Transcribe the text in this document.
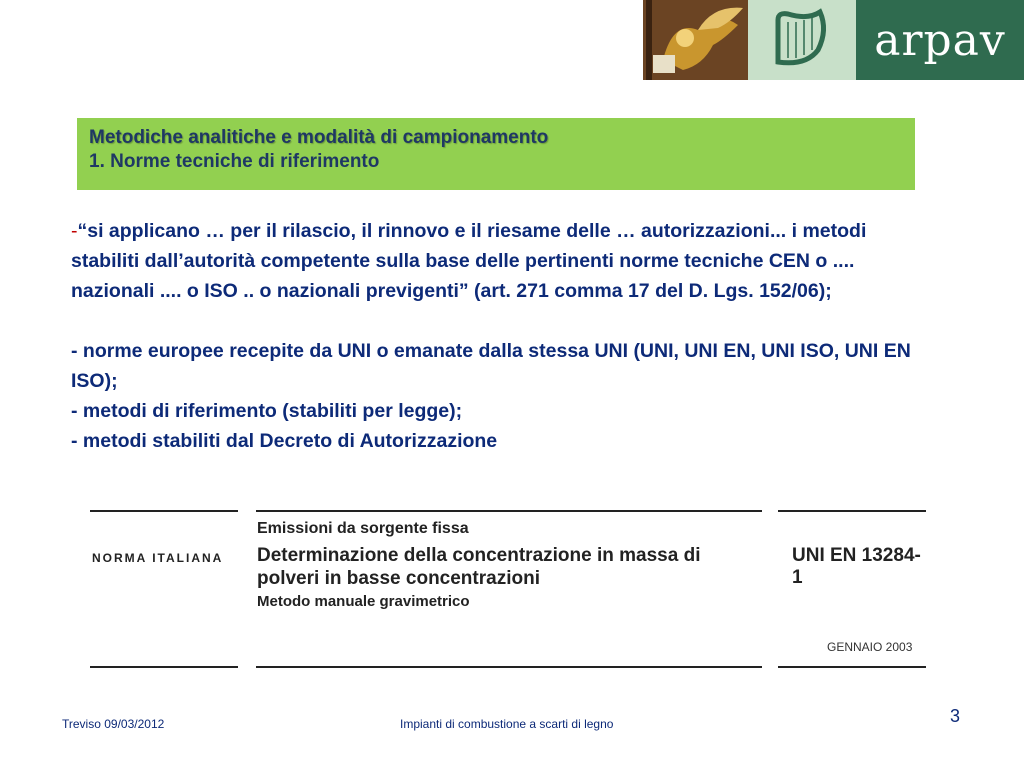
arpav
Metodiche analitiche e modalità di campionamento
1. Norme tecniche di riferimento

-“si applicano … per il rilascio, il rinnovo e il riesame delle … autorizzazioni... i metodi stabiliti dall’autorità competente sulla base delle pertinenti norme tecniche CEN o .... nazionali .... o ISO .. o nazionali previgenti” (art. 271 comma 17 del D. Lgs. 152/06);

- norme europee recepite da UNI o emanate dalla stessa UNI (UNI, UNI EN, UNI ISO, UNI EN ISO);

- metodi di riferimento (stabiliti per legge);

- metodi stabiliti dal Decreto di Autorizzazione

NORMA ITALIANA
Emissioni da sorgente fissa
Determinazione della concentrazione in massa di
polveri in basse concentrazioni
Metodo manuale gravimetrico
UNI EN 13284-1
GENNAIO 2003
Treviso 09/03/2012	Impianti di combustione a scarti di legno	3
